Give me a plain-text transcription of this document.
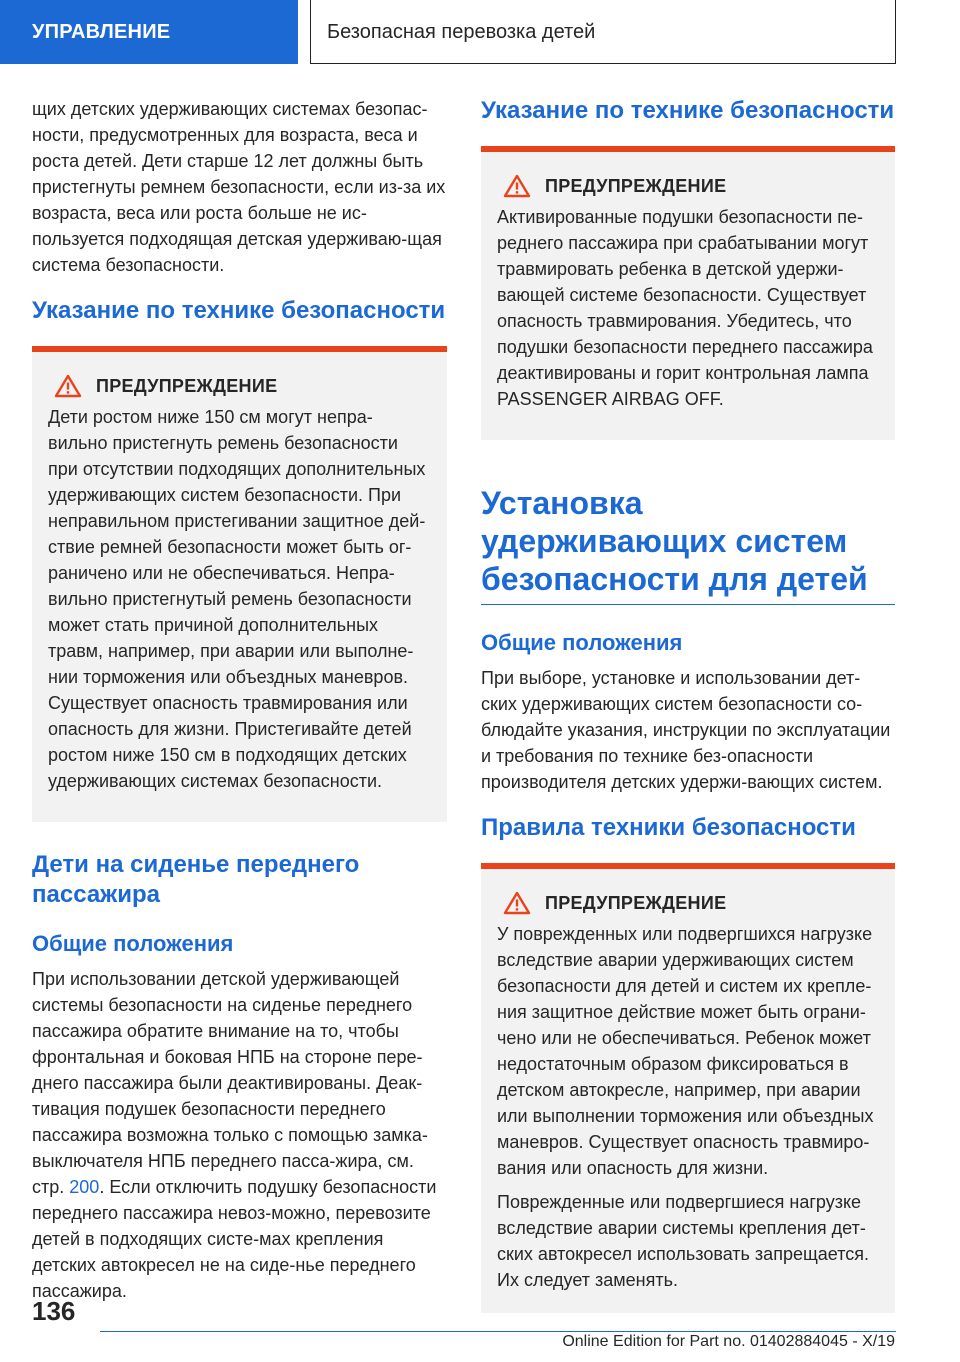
УПРАВЛЕНИЕ	Безопасная перевозка детей

щих детских удерживающих системах безопас-ности, предусмотренных для возраста, веса и роста детей. Дети старше 12 лет должны быть пристегнуты ремнем безопасности, если из-за их возраста, веса или роста больше не ис-пользуется подходящая детская удерживаю-щая система безопасности.

Указание по технике безопасности
ПРЕДУПРЕЖДЕНИЕ

Дети ростом ниже 150 см могут непра-вильно пристегнуть ремень безопасности при отсутствии подходящих дополнительных удерживающих систем безопасности. При неправильном пристегивании защитное дей-ствие ремней безопасности может быть ог-раничено или не обеспечиваться. Непра-вильно пристегнутый ремень безопасности может стать причиной дополнительных травм, например, при аварии или выполне-нии торможения или объездных маневров. Существует опасность травмирования или опасность для жизни. Пристегивайте детей ростом ниже 150 см в подходящих детских удерживающих системах безопасности.

Дети на сиденье переднего пассажира
Общие положения

При использовании детской удерживающей системы безопасности на сиденье переднего пассажира обратите внимание на то, чтобы фронтальная и боковая НПБ на стороне пере-днего пассажира были деактивированы. Деак-тивация подушек безопасности переднего пассажира возможна только с помощью замка-выключателя НПБ переднего пасса-жира, см. стр. 200. Если отключить подушку безопасности переднего пассажира невоз-можно, перевозите детей в подходящих систе-мах крепления детских автокресел не на сиде-нье переднего пассажира.

Указание по технике безопасности
ПРЕДУПРЕЖДЕНИЕ

Активированные подушки безопасности пе-реднего пассажира при срабатывании могут травмировать ребенка в детской удержи-вающей системе безопасности. Существует опасность травмирования. Убедитесь, что подушки безопасности переднего пассажира деактивированы и горит контрольная лампа PASSENGER AIRBAG OFF.

Установка удерживающих систем безопасности для детей
Общие положения

При выборе, установке и использовании дет-ских удерживающих систем безопасности со-блюдайте указания, инструкции по эксплуатации и требования по технике без-опасности производителя детских удержи-вающих систем.

Правила техники безопасности
ПРЕДУПРЕЖДЕНИЕ

У поврежденных или подвергшихся нагрузке вследствие аварии удерживающих систем безопасности для детей и систем их крепле-ния защитное действие может быть ограни-чено или не обеспечиваться. Ребенок может недостаточным образом фиксироваться в детском автокресле, например, при аварии или выполнении торможения или объездных маневров. Существует опасность травмиро-вания или опасность для жизни.

Поврежденные или подвергшиеся нагрузке вследствие аварии системы крепления дет-ских автокресел использовать запрещается. Их следует заменять.

136
Online Edition for Part no. 01402884045 - X/19
